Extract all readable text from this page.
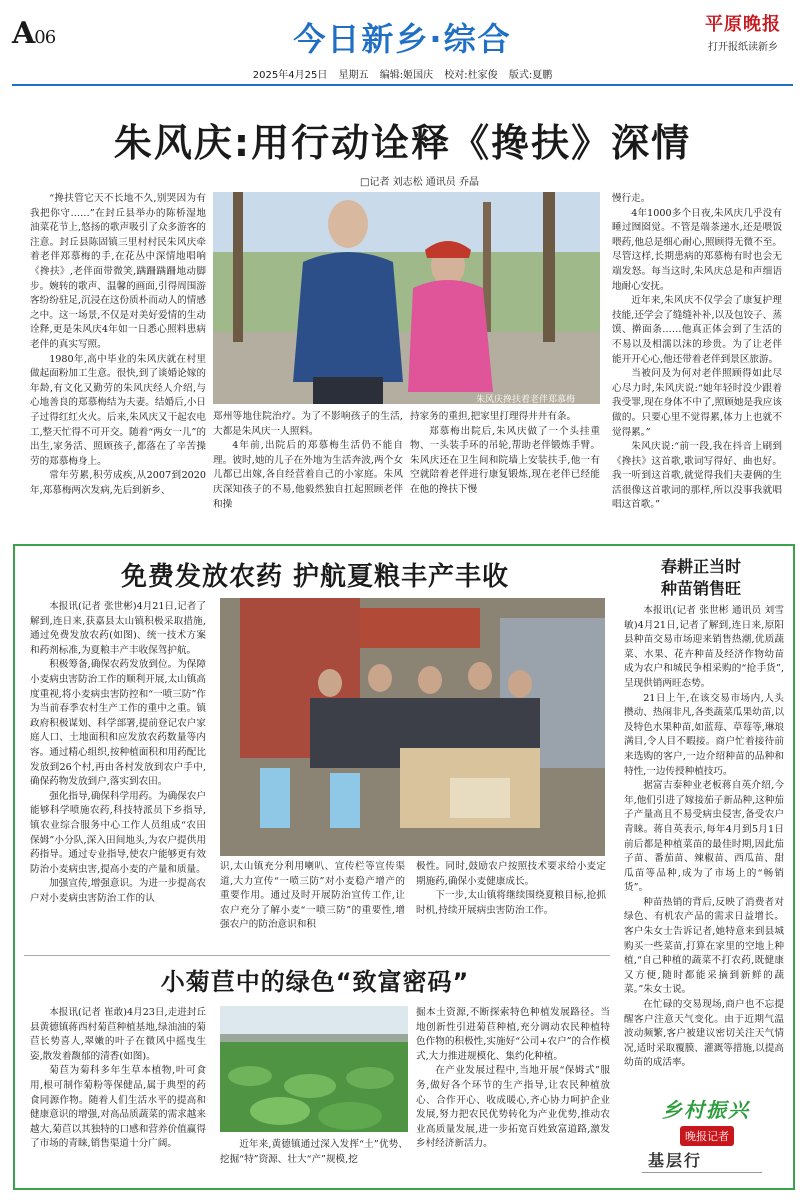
A06	今日新乡·综合	平原晚报
打开报纸读新乡
2025年4月25日 星期五 编辑:姬国庆 校对:杜家俊 版式:夏鹏
朱风庆:用行动诠释《搀扶》深情
□记者 刘志松 通讯员 乔晶

“搀扶管它天不长地不久,别哭因为有我把你守……”在封丘县举办的陈桥湿地油菜花节上,悠扬的歌声吸引了众多游客的注意。封丘县陈固镇三里村村民朱风庆牵着老伴郑慕梅的手,在花丛中深情地唱响《搀扶》,老伴面带微笑,蹒跚蹒跚地动脚步。婉转的歌声、温馨的画面,引得周围游客纷纷驻足,沉浸在这份质朴而动人的情感之中。这一场景,不仅是对美好爱情的生动诠释,更是朱风庆4年如一日悉心照料患病老伴的真实写照。

1980年,高中毕业的朱风庆就在村里做起面粉加工生意。很快,到了谈婚论嫁的年龄,有文化又勤劳的朱风庆经人介绍,与心地善良的郑慕梅结为夫妻。结婚后,小日子过得红红火火。后来,朱风庆又干起农电工,整天忙得不可开交。随着“两女一儿”的出生,家务活、照顾孩子,都落在了辛苦操劳的郑慕梅身上。

常年劳累,积劳成疾,从2007到2020年,郑慕梅两次发病,先后到新乡、

朱风庆搀扶着老伴郑慕梅

郑州等地住院治疗。为了不影响孩子的生活,大都是朱风庆一人照料。

4年前,出院后的郑慕梅生活仍不能自理。彼时,她的儿子在外地为生活奔波,两个女儿都已出嫁,各自经营着自己的小家庭。朱风庆深知孩子的不易,他毅然独自扛起照顾老伴和操

持家务的重担,把家里打理得井井有条。

郑慕梅出院后,朱风庆做了一个头挂重物、一头装手环的吊轮,帮助老伴锻炼手臂。朱风庆还在卫生间和院墙上安装扶手,他一有空就陪着老伴进行康复锻炼,现在老伴已经能在他的搀扶下慢

慢行走。

4年1000多个日夜,朱风庆几乎没有睡过囫囵觉。不管是端茶递水,还是喂饭喂药,他总是细心耐心,照顾得无微不至。尽管这样,长期患病的郑慕梅有时也会无端发怒。每当这时,朱风庆总是和声细语地耐心安抚。

近年来,朱风庆不仅学会了康复护理技能,还学会了缝缝补补,以及包饺子、蒸馍、擀面条……他真正体会到了生活的不易以及相濡以沫的珍贵。为了让老伴能开开心心,他还带着老伴到景区旅游。

当被问及为何对老伴照顾得如此尽心尽力时,朱风庆说:“她年轻时没少跟着我受罪,现在身体不中了,照顾她是我应该做的。只要心里不觉得累,体力上也就不觉得累。”

朱风庆说:“前一段,我在抖音上刷到《搀扶》这首歌,歌词写得好、曲也好。我一听到这首歌,就觉得我们夫妻俩的生活很像这首歌词的那样,所以没事我就唱唱这首歌。”

免费发放农药 护航夏粮丰产丰收

本报讯(记者 张世彬)4月21日,记者了解到,连日来,获嘉县太山镇积极采取措施,通过免费发放农药(如图)、统一技术方案和药剂标准,为夏粮丰产丰收保驾护航。

积极筹备,确保农药发放到位。为保障小麦病虫害防治工作的顺利开展,太山镇高度重视,将小麦病虫害防控和“一喷三防”作为当前春季农村生产工作的重中之重。镇政府积极谋划、科学部署,提前登记农户家庭人口、土地面积和应发放农药数量等内容。通过精心组织,按种植面积和用药配比发放到26个村,再由各村发放到农户手中,确保药物发放到户,落实到农田。

强化指导,确保科学用药。为确保农户能够科学喷施农药,科技特派员下乡指导,镇农业综合服务中心工作人员组成“农田保姆”小分队,深入田间地头,为农户提供用药指导。通过专业指导,使农户能够更有效防治小麦病虫害,提高小麦的产量和质量。

加强宣传,增强意识。为进一步提高农户对小麦病虫害防治工作的认

识,太山镇充分利用喇叭、宣传栏等宣传渠道,大力宣传“一喷三防”对小麦稳产增产的重要作用。通过及时开展防治宣传工作,让农户充分了解小麦“一喷三防”的重要性,增强农户的防治意识和积

极性。同时,鼓励农户按照技术要求给小麦定期施药,确保小麦健康成长。

下一步,太山镇将继续围绕夏粮目标,抢抓时机,持续开展病虫害防治工作。

春耕正当时
种苗销售旺

本报讯(记者 张世彬 通讯员 刘雪敏)4月21日,记者了解到,连日来,原阳县种苗交易市场迎来销售热潮,优质蔬菜、水果、花卉种苗及经济作物幼苗成为农户和城民争相采购的“抢手货”,呈现供销两旺态势。

21日上午,在该交易市场内,人头攒动、热闹非凡,各类蔬菜瓜果幼苗,以及特色水果种苗,如蓝莓、草莓等,琳琅满目,令人目不暇接。商户忙着接待前来选购的客户,一边介绍种苗的品种和特性,一边传授种植技巧。

据富吉泰种业老板蒋自英介绍,今年,他们引进了嫁接茄子新品种,这种茄子产量高且不易受病虫侵害,备受农户青睐。蒋自英表示,每年4月到5月1日前后都是种植菜苗的最佳时期,因此茄子苗、番茄苗、辣椒苗、西瓜苗、甜瓜苗等品种,成为了市场上的“畅销货”。

种苗热销的背后,反映了消费者对绿色、有机农产品的需求日益增长。客户朱女士告诉记者,她特意来到县城购买一些菜苗,打算在家里的空地上种植,“自己种植的蔬菜不打农药,既健康又方便,随时都能采摘到新鲜的蔬菜。”朱女士说。

在忙碌的交易现场,商户也不忘提醒客户注意天气变化。由于近期气温波动频繁,客户被建议密切关注天气情况,适时采取覆膜、灌溉等措施,以提高幼苗的成活率。

小菊苣中的绿色“致富密码”

本报讯(记者 崔敢)4月23日,走进封丘县黄德镇蒋西村菊苣种植基地,绿油油的菊苣长势喜人,翠嫩的叶子在微风中摇曳生姿,散发着馥郁的清香(如图)。

菊苣为菊科多年生草本植物,叶可食用,根可制作菊粉等保健品,属于典型的药食同源作物。随着人们生活水平的提高和健康意识的增强,对高品质蔬菜的需求越来越大,菊苣以其独特的口感和营养价值赢得了市场的青睐,销售渠道十分广阔。	近年来,黄德镇通过深入发挥“土”优势、挖掘“特”资源、壮大“产”规模,挖

掘本土资源,不断探索特色种植发展路径。当地创新性引进菊苣种植,充分调动农民种植特色作物的积极性,实施好“公司+农户”的合作模式,大力推进规模化、集约化种植。

在产业发展过程中,当地开展“保姆式”服务,做好各个环节的生产指导,让农民种植放心、合作开心、收成暖心,齐心协力呵护企业发展,努力把农民优势转化为产业优势,推动农业高质量发展,进一步拓宽百姓致富道路,激发乡村经济新活力。

乡村振兴
晚报记者
基层行
